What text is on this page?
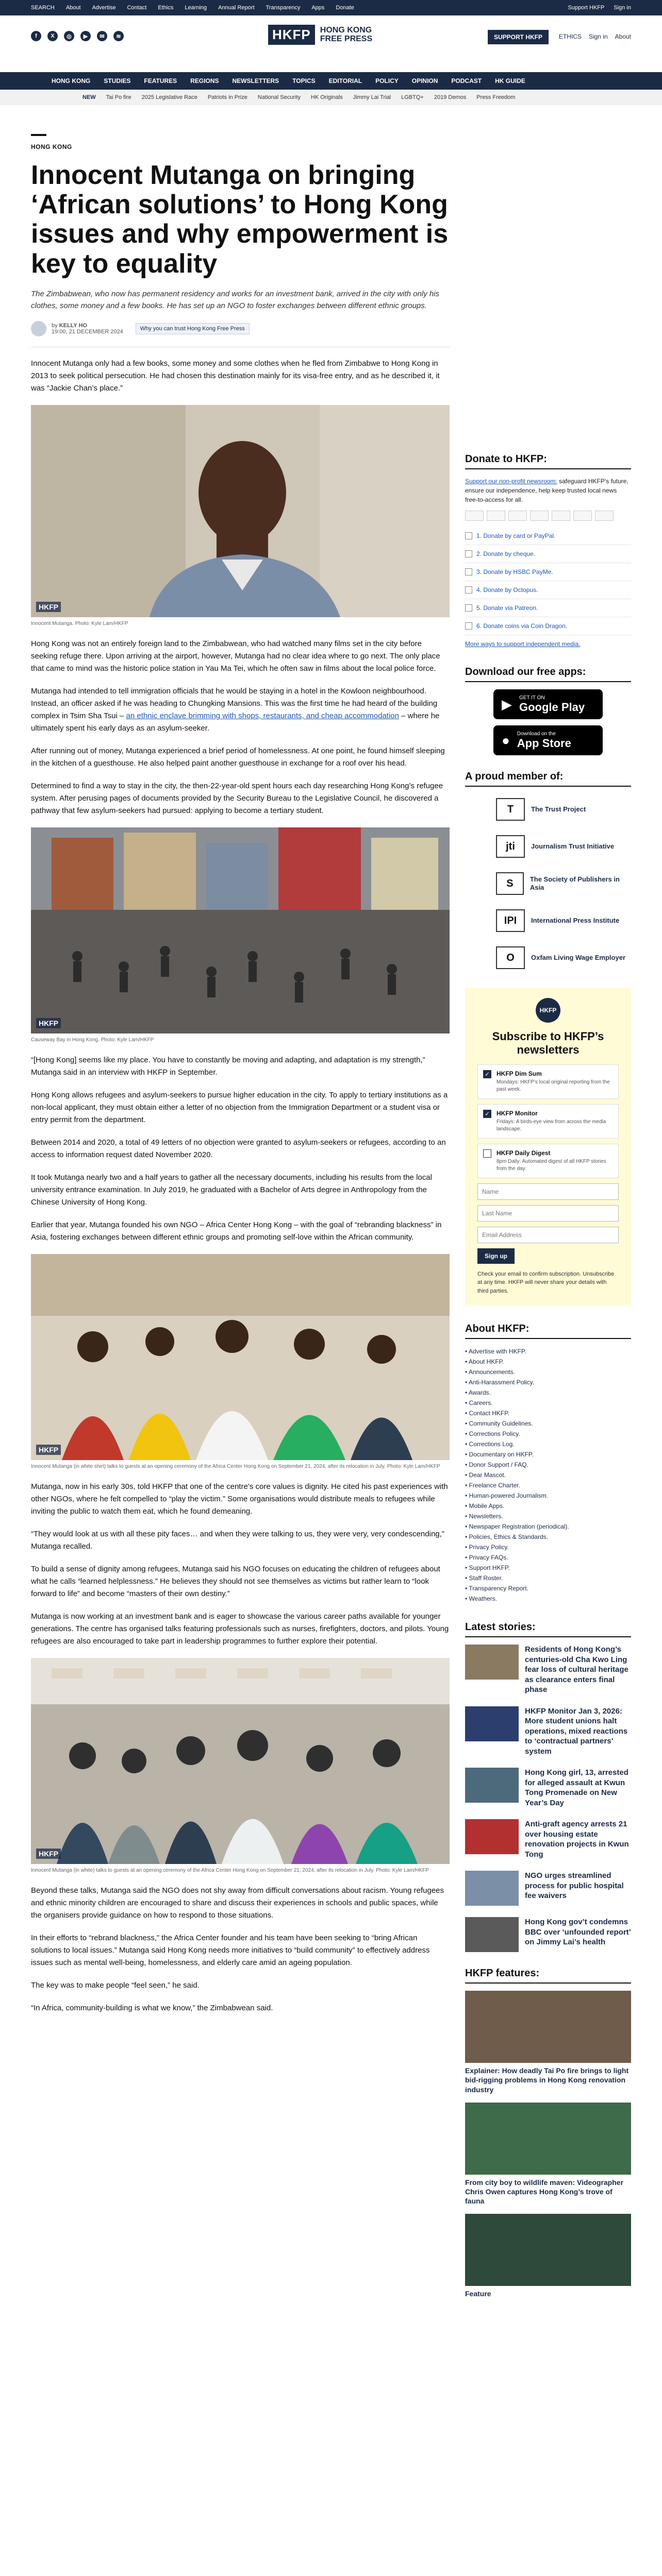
SEARCH About Advertise Contact Ethics Learning Annual Report Transparency Apps Donate	Support HKFP Sign in
f	X	◎	▶	✉	≋	HKFP	HONG KONG
FREE PRESS	SUPPORT HKFP	ETHICS Sign in About
HONG KONG STUDIES FEATURES REGIONS NEWSLETTERS TOPICS EDITORIAL POLICY OPINION PODCAST HK GUIDE
NEW Tai Po fire 2025 Legislative Race Patriots in Prize National Security HK Originals Jimmy Lai Trial LGBTQ+ 2019 Demos Press Freedom
HONG KONG
Innocent Mutanga on bringing ‘African solutions’ to Hong Kong issues and why empowerment is key to equality

The Zimbabwean, who now has permanent residency and works for an investment bank, arrived in the city with only his clothes, some money and a few books. He has set up an NGO to foster exchanges between different ethnic groups.

by KELLY HO
19:00, 21 DECEMBER 2024	Why you can trust Hong Kong Free Press

Innocent Mutanga only had a few books, some money and some clothes when he fled from Zimbabwe to Hong Kong in 2013 to seek political persecution. He had chosen this destination mainly for its visa-free entry, and as he described it, it was “Jackie Chan’s place.”

HKFP
Innocent Mutanga. Photo: Kyle Lam/HKFP

Hong Kong was not an entirely foreign land to the Zimbabwean, who had watched many films set in the city before seeking refuge there. Upon arriving at the airport, however, Mutanga had no clear idea where to go next. The only place that came to mind was the historic police station in Yau Ma Tei, which he often saw in films about the local police force.

Mutanga had intended to tell immigration officials that he would be staying in a hotel in the Kowloon neighbourhood. Instead, an officer asked if he was heading to Chungking Mansions. This was the first time he had heard of the building complex in Tsim Sha Tsui – an ethnic enclave brimming with shops, restaurants, and cheap accommodation – where he ultimately spent his early days as an asylum-seeker.

After running out of money, Mutanga experienced a brief period of homelessness. At one point, he found himself sleeping in the kitchen of a guesthouse. He also helped paint another guesthouse in exchange for a roof over his head.

Determined to find a way to stay in the city, the then-22-year-old spent hours each day researching Hong Kong’s refugee system. After perusing pages of documents provided by the Security Bureau to the Legislative Council, he discovered a pathway that few asylum-seekers had pursued: applying to become a tertiary student.

HKFP
Causeway Bay in Hong Kong. Photo: Kyle Lam/HKFP

“[Hong Kong] seems like my place. You have to constantly be moving and adapting, and adaptation is my strength,” Mutanga said in an interview with HKFP in September.

Hong Kong allows refugees and asylum-seekers to pursue higher education in the city. To apply to tertiary institutions as a non-local applicant, they must obtain either a letter of no objection from the Immigration Department or a student visa or entry permit from the department.

Between 2014 and 2020, a total of 49 letters of no objection were granted to asylum-seekers or refugees, according to an access to information request dated November 2020.

It took Mutanga nearly two and a half years to gather all the necessary documents, including his results from the local university entrance examination. In July 2019, he graduated with a Bachelor of Arts degree in Anthropology from the Chinese University of Hong Kong.

Earlier that year, Mutanga founded his own NGO – Africa Center Hong Kong – with the goal of “rebranding blackness” in Asia, fostering exchanges between different ethnic groups and promoting self-love within the African community.

HKFP
Innocent Mutanga (in white shirt) talks to guests at an opening ceremony of the Africa Center Hong Kong on September 21, 2024, after its relocation in July. Photo: Kyle Lam/HKFP

Mutanga, now in his early 30s, told HKFP that one of the centre’s core values is dignity. He cited his past experiences with other NGOs, where he felt compelled to “play the victim.” Some organisations would distribute meals to refugees while inviting the public to watch them eat, which he found demeaning.

“They would look at us with all these pity faces… and when they were talking to us, they were very, very condescending,” Mutanga recalled.

To build a sense of dignity among refugees, Mutanga said his NGO focuses on educating the children of refugees about what he calls “learned helplessness.” He believes they should not see themselves as victims but rather learn to “look forward to life” and become “masters of their own destiny.”

Mutanga is now working at an investment bank and is eager to showcase the various career paths available for younger generations. The centre has organised talks featuring professionals such as nurses, firefighters, doctors, and pilots. Young refugees are also encouraged to take part in leadership programmes to further explore their potential.

HKFP
Innocent Mutanga (in white) talks to guests at an opening ceremony of the Africa Center Hong Kong on September 21, 2024, after its relocation in July. Photo: Kyle Lam/HKFP

Beyond these talks, Mutanga said the NGO does not shy away from difficult conversations about racism. Young refugees and ethnic minority children are encouraged to share and discuss their experiences in schools and public spaces, while the organisers provide guidance on how to respond to those situations.

In their efforts to “rebrand blackness,” the Africa Center founder and his team have been seeking to “bring African solutions to local issues.” Mutanga said Hong Kong needs more initiatives to “build community” to effectively address issues such as mental well-being, homelessness, and elderly care amid an ageing population.

The key was to make people “feel seen,” he said.

“In Africa, community-building is what we know,” the Zimbabwean said.

Donate to HKFP:

Support our non-profit newsroom: safeguard HKFP’s future, ensure our independence, help keep trusted local news free-to-access for all.

1. Donate by card or PayPal.
2. Donate by cheque.
3. Donate by HSBC PayMe.
4. Donate by Octopus.
5. Donate via Patreon.
6. Donate coins via Coin Dragon.
More ways to support independent media.
Download our free apps:
▶ GET IT ON
Google Play
● Download on the
App Store
A proud member of:
T	The Trust Project
jti	Journalism Trust Initiative
S	The Society of Publishers in Asia
IPI	International Press Institute
O	Oxfam Living Wage Employer
HKFP
Subscribe to HKFP’s newsletters
✓ HKFP Dim Sum
Mondays: HKFP’s local original reporting from the past week.
✓ HKFP Monitor
Fridays: A birds-eye view from across the media landscape.
HKFP Daily Digest
8pm Daily: Automated digest of all HKFP stories from the day.
Name Last Name Email Address Sign up

Check your email to confirm subscription. Unsubscribe at any time. HKFP will never share your details with third parties.

About HKFP:
• Advertise with HKFP.
• About HKFP.
• Announcements.
• Anti-Harassment Policy.
• Awards.
• Careers.
• Contact HKFP.
• Community Guidelines.
• Corrections Policy.
• Corrections Log.
• Documentary on HKFP.
• Donor Support / FAQ.
• Dear Mascot.
• Freelance Charter.
• Human-powered Journalism.
• Mobile Apps.
• Newsletters.
• Newspaper Registration (periodical).
• Policies, Ethics & Standards.
• Privacy Policy.
• Privacy FAQs.
• Support HKFP.
• Staff Roster.
• Transparency Report.
• Weathers.
Latest stories:
Residents of Hong Kong’s centuries-old Cha Kwo Ling fear loss of cultural heritage as clearance enters final phase
HKFP Monitor Jan 3, 2026: More student unions halt operations, mixed reactions to ‘contractual partners’ system
Hong Kong girl, 13, arrested for alleged assault at Kwun Tong Promenade on New Year’s Day
Anti-graft agency arrests 21 over housing estate renovation projects in Kwun Tong
NGO urges streamlined process for public hospital fee waivers
Hong Kong gov’t condemns BBC over ‘unfounded report’ on Jimmy Lai’s health
HKFP features:
Explainer: How deadly Tai Po fire brings to light bid-rigging problems in Hong Kong renovation industry
From city boy to wildlife maven: Videographer Chris Owen captures Hong Kong’s trove of fauna
Feature
